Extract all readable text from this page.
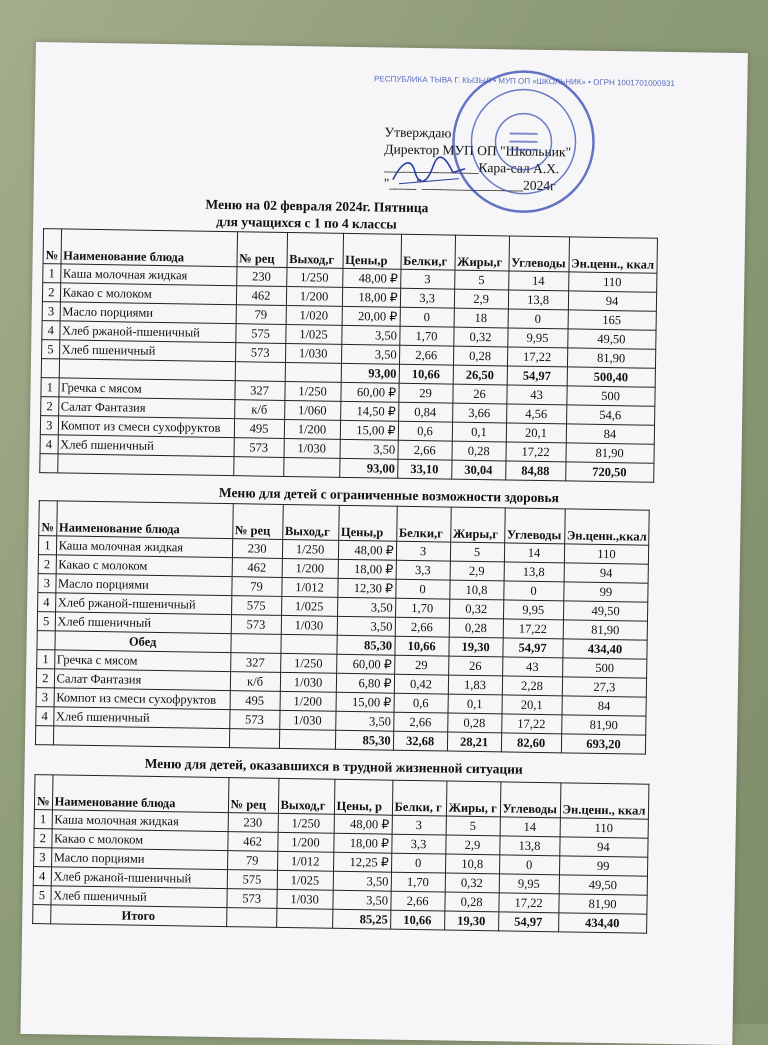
Утверждаю
Директор МУП ОП "Школьник"
______________Кара-сал А.Х.
"____"_______________2024г
РЕСПУБЛИКА ТЫВА Г. КЫЗЫЛ • МУП ОП «ШКОЛЬНИК» • ОГРН 1001701000931
Меню на 02 февраля 2024г. Пятница
для учащихся с 1 по 4 классы
№	Наименование блюда	№ рец	Выход,г	Цены,р	Белки,г	Жиры,г	Углеводы	Эн.ценн., ккал
1	Каша молочная жидкая	230	1/250	48,00 ₽	3	5	14	110
2	Какао с молоком	462	1/200	18,00 ₽	3,3	2,9	13,8	94
3	Масло порциями	79	1/020	20,00 ₽	0	18	0	165
4	Хлеб ржаной-пшеничный	575	1/025	3,50	1,70	0,32	9,95	49,50
5	Хлеб пшеничный	573	1/030	3,50	2,66	0,28	17,22	81,90
				93,00	10,66	26,50	54,97	500,40
1	Гречка с мясом	327	1/250	60,00 ₽	29	26	43	500
2	Салат Фантазия	к/б	1/060	14,50 ₽	0,84	3,66	4,56	54,6
3	Компот из смеси сухофруктов	495	1/200	15,00 ₽	0,6	0,1	20,1	84
4	Хлеб пшеничный	573	1/030	3,50	2,66	0,28	17,22	81,90
				93,00	33,10	30,04	84,88	720,50
Меню для детей с ограниченные возможности здоровья
№	Наименование блюда	№ рец	Выход,г	Цены,р	Белки,г	Жиры,г	Углеводы	Эн.ценн.,ккал
1	Каша молочная жидкая	230	1/250	48,00 ₽	3	5	14	110
2	Какао с молоком	462	1/200	18,00 ₽	3,3	2,9	13,8	94
3	Масло порциями	79	1/012	12,30 ₽	0	10,8	0	99
4	Хлеб ржаной-пшеничный	575	1/025	3,50	1,70	0,32	9,95	49,50
5	Хлеб пшеничный	573	1/030	3,50	2,66	0,28	17,22	81,90
	Обед			85,30	10,66	19,30	54,97	434,40
1	Гречка с мясом	327	1/250	60,00 ₽	29	26	43	500
2	Салат Фантазия	к/б	1/030	6,80 ₽	0,42	1,83	2,28	27,3
3	Компот из смеси сухофруктов	495	1/200	15,00 ₽	0,6	0,1	20,1	84
4	Хлеб пшеничный	573	1/030	3,50	2,66	0,28	17,22	81,90
				85,30	32,68	28,21	82,60	693,20
Меню для детей, оказавшихся в трудной жизненной ситуации
№	Наименование блюда	№ рец	Выход,г	Цены, р	Белки, г	Жиры, г	Углеводы	Эн.ценн., ккал
1	Каша молочная жидкая	230	1/250	48,00 ₽	3	5	14	110
2	Какао с молоком	462	1/200	18,00 ₽	3,3	2,9	13,8	94
3	Масло порциями	79	1/012	12,25 ₽	0	10,8	0	99
4	Хлеб ржаной-пшеничный	575	1/025	3,50	1,70	0,32	9,95	49,50
5	Хлеб пшеничный	573	1/030	3,50	2,66	0,28	17,22	81,90
	Итого			85,25	10,66	19,30	54,97	434,40
